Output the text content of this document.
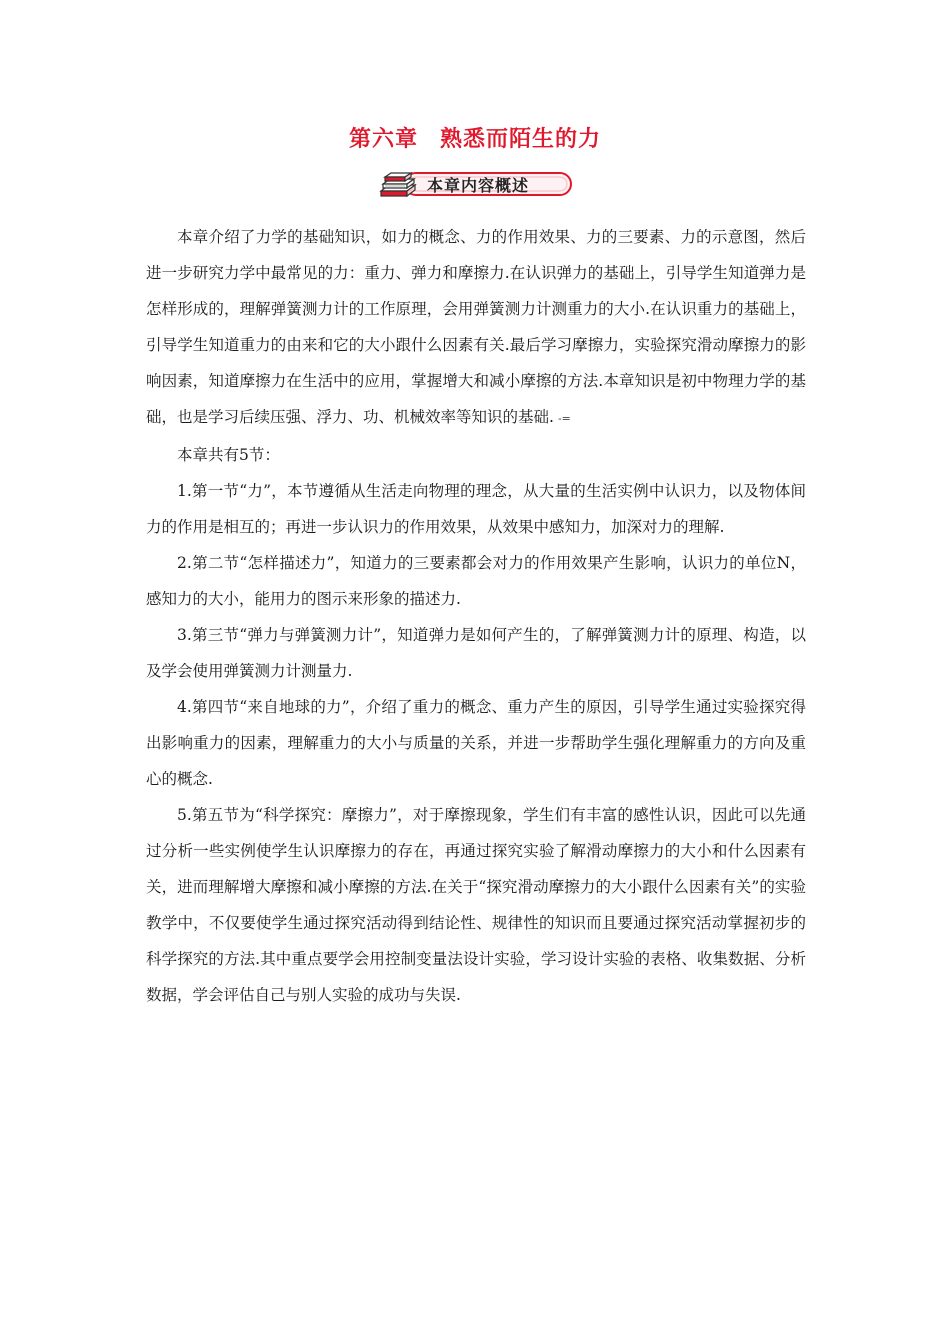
第六章 熟悉而陌生的力
本章内容概述

本章介绍了力学的基础知识，如力的概念、力的作用效果、力的三要素、力的示意图，然后进一步研究力学中最常见的力：重力、弹力和摩擦力.在认识弹力的基础上，引导学生知道弹力是怎样形成的，理解弹簧测力计的工作原理，会用弹簧测力计测重力的大小.在认识重力的基础上，引导学生知道重力的由来和它的大小跟什么因素有关.最后学习摩擦力，实验探究滑动摩擦力的影响因素，知道摩擦力在生活中的应用，掌握增大和减小摩擦的方法.本章知识是初中物理力学的基础，也是学习后续压强、浮力、功、机械效率等知识的基础. -=

本章共有5节：

1.第一节“力”，本节遵循从生活走向物理的理念，从大量的生活实例中认识力，以及物体间力的作用是相互的；再进一步认识力的作用效果，从效果中感知力，加深对力的理解.

2.第二节“怎样描述力”，知道力的三要素都会对力的作用效果产生影响，认识力的单位N，感知力的大小，能用力的图示来形象的描述力.

3.第三节“弹力与弹簧测力计”，知道弹力是如何产生的，了解弹簧测力计的原理、构造，以及学会使用弹簧测力计测量力.

4.第四节“来自地球的力”，介绍了重力的概念、重力产生的原因，引导学生通过实验探究得出影响重力的因素，理解重力的大小与质量的关系，并进一步帮助学生强化理解重力的方向及重心的概念.

5.第五节为“科学探究：摩擦力”，对于摩擦现象，学生们有丰富的感性认识，因此可以先通过分析一些实例使学生认识摩擦力的存在，再通过探究实验了解滑动摩擦力的大小和什么因素有关，进而理解增大摩擦和减小摩擦的方法.在关于“探究滑动摩擦力的大小跟什么因素有关”的实验教学中，不仅要使学生通过探究活动得到结论性、规律性的知识而且要通过探究活动掌握初步的科学探究的方法.其中重点要学会用控制变量法设计实验，学习设计实验的表格、收集数据、分析数据，学会评估自己与别人实验的成功与失误.
